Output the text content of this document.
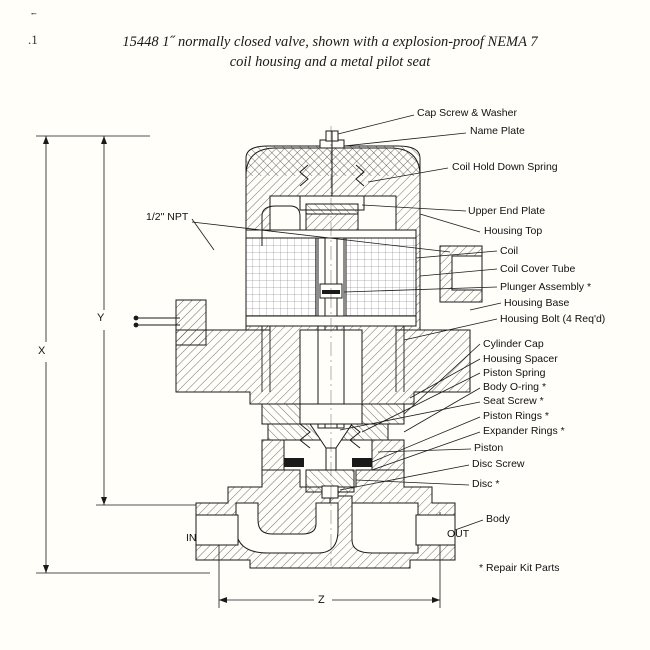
·̵
.1	15448 1˝ normally closed valve, shown with a explosion-proof NEMA 7
coil housing and a metal pilot seat
Cap Screw & Washer
Name Plate
Coil Hold Down Spring
Upper End Plate
Housing Top
Coil
Coil Cover Tube
Plunger Assembly *
Housing Base
Housing Bolt (4 Req'd)
Cylinder Cap
Housing Spacer
Piston Spring
Body O-ring *
Seat Screw *
Piston Rings *
Expander Rings *
Piston
Disc Screw
Disc *
Body
1/2" NPT
IN	OUT
X
Y
Z
* Repair Kit Parts
